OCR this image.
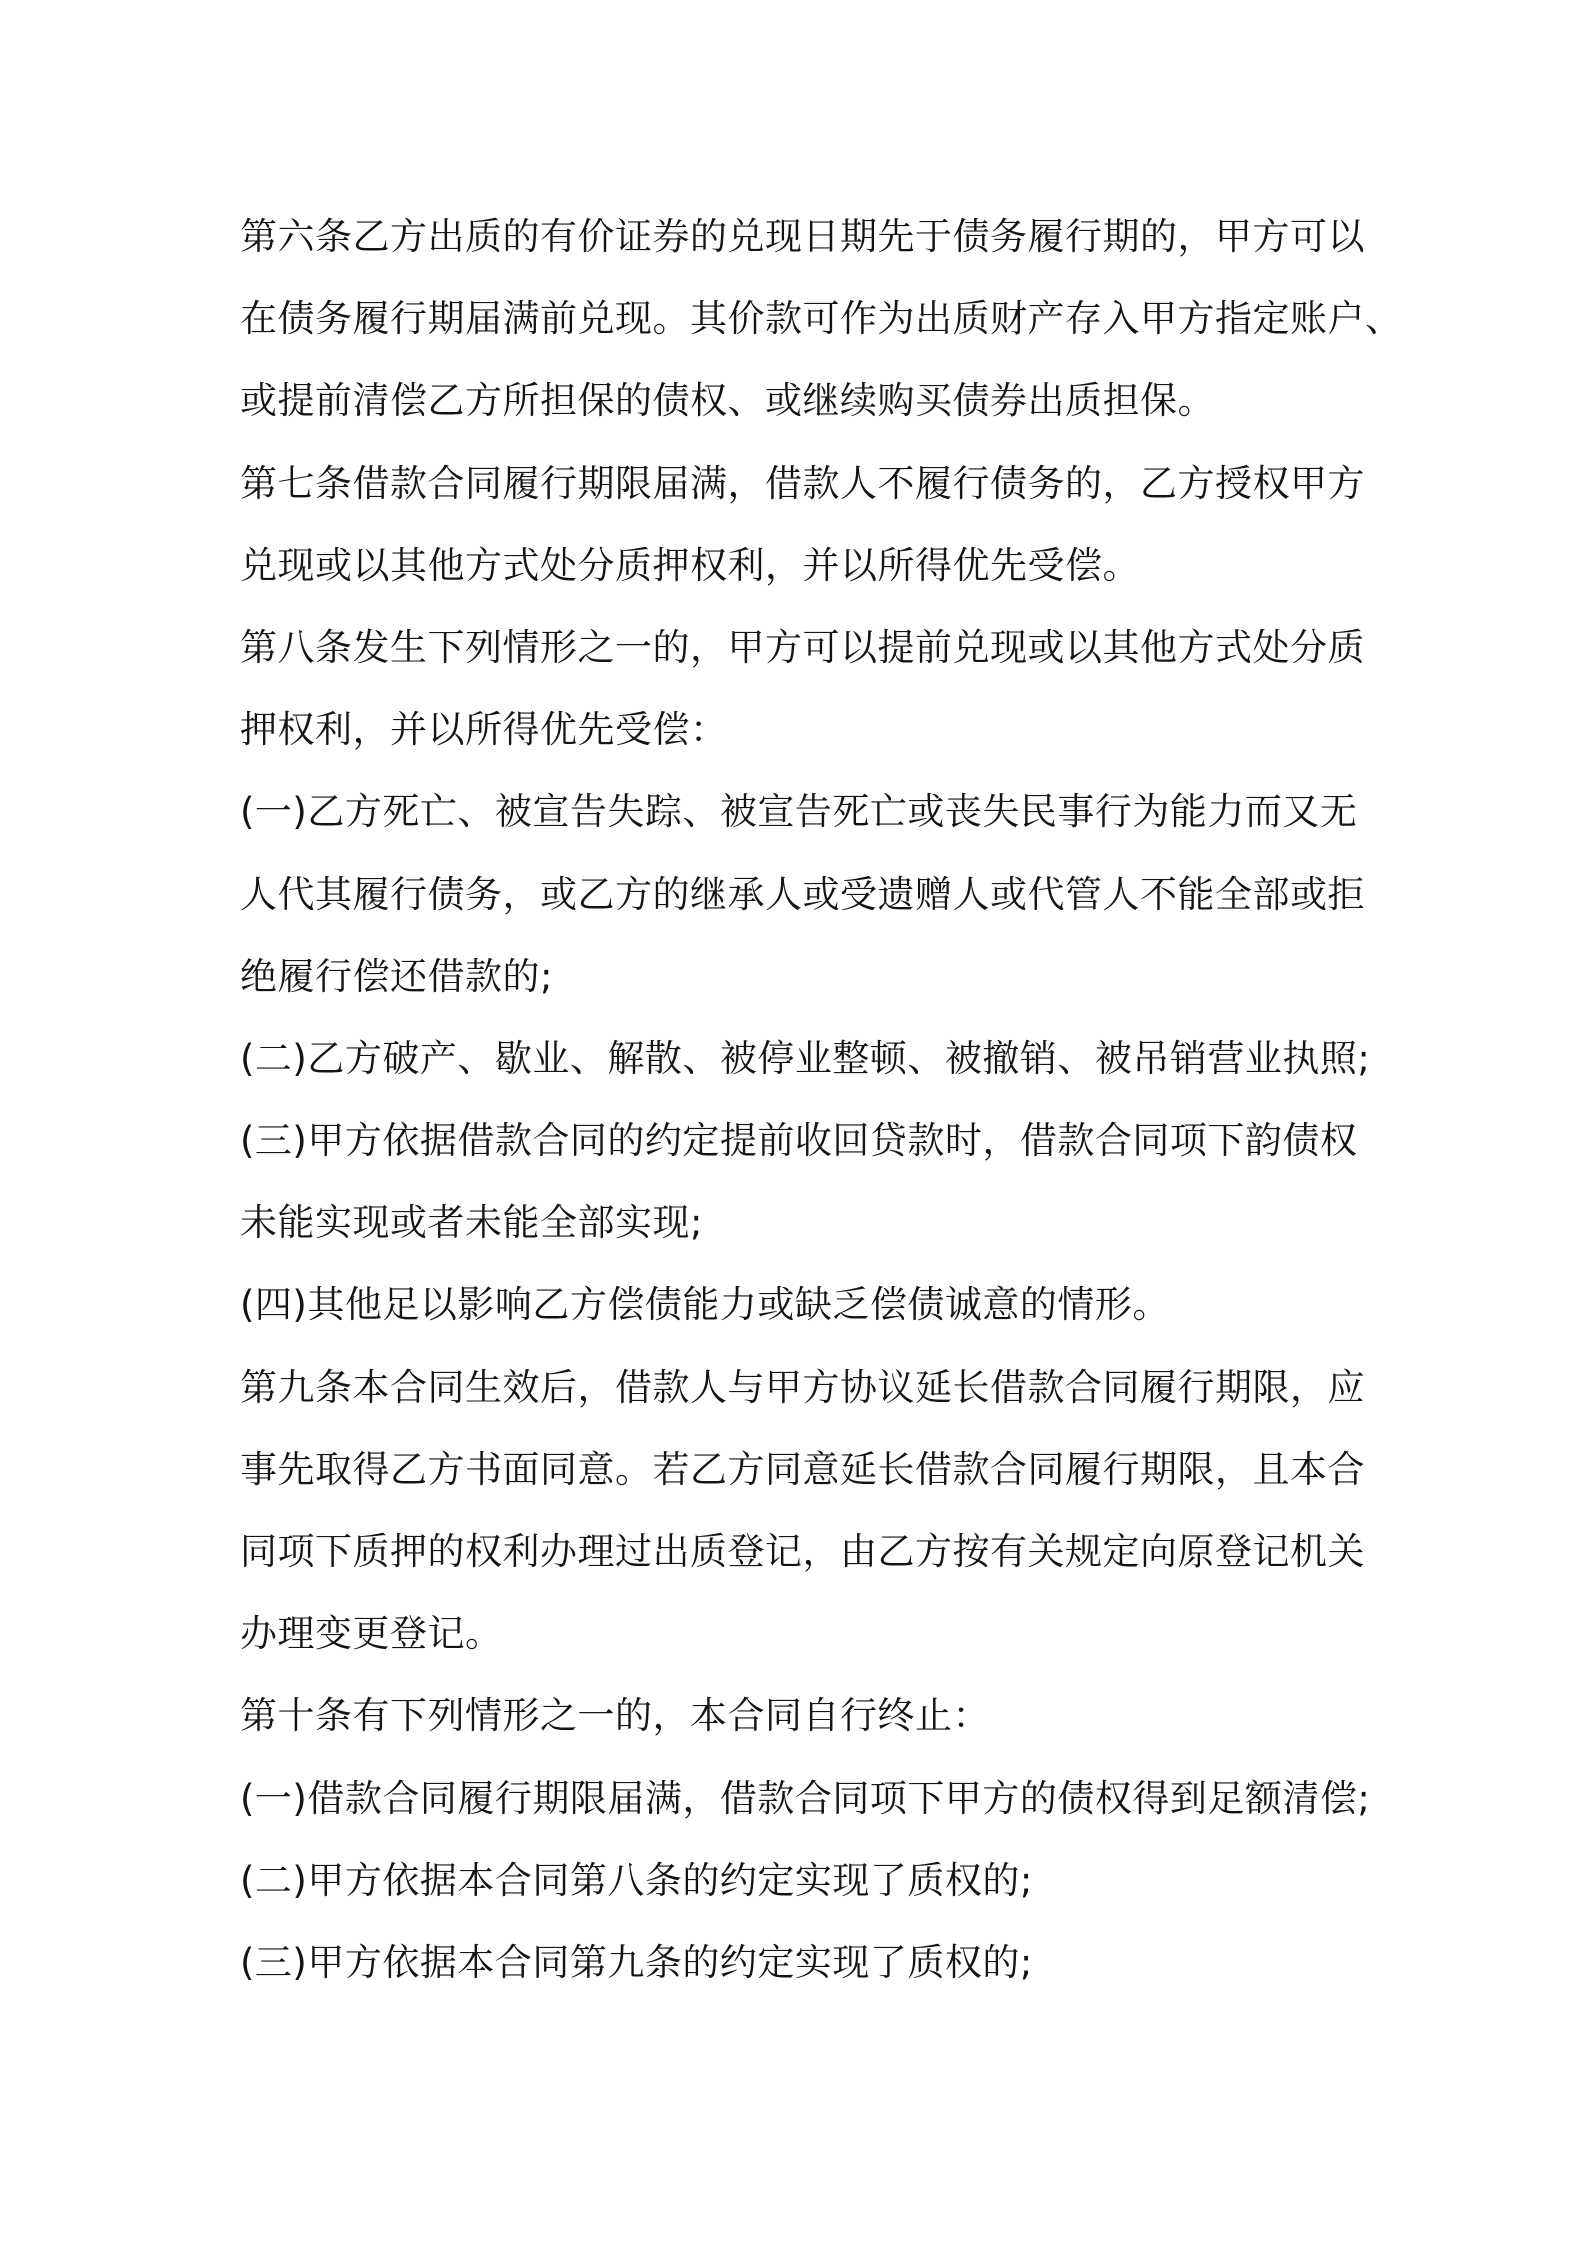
第六条乙方出质的有价证券的兑现日期先于债务履行期的，甲方可以
在债务履行期届满前兑现。其价款可作为出质财产存入甲方指定账户、
或提前清偿乙方所担保的债权、或继续购买债券出质担保。
第七条借款合同履行期限届满，借款人不履行债务的，乙方授权甲方
兑现或以其他方式处分质押权利，并以所得优先受偿。
第八条发生下列情形之一的，甲方可以提前兑现或以其他方式处分质
押权利，并以所得优先受偿：
(一)乙方死亡、被宣告失踪、被宣告死亡或丧失民事行为能力而又无
人代其履行债务，或乙方的继承人或受遗赠人或代管人不能全部或拒
绝履行偿还借款的;
(二)乙方破产、歇业、解散、被停业整顿、被撤销、被吊销营业执照;
(三)甲方依据借款合同的约定提前收回贷款时，借款合同项下韵债权
未能实现或者未能全部实现;
(四)其他足以影响乙方偿债能力或缺乏偿债诚意的情形。
第九条本合同生效后，借款人与甲方协议延长借款合同履行期限，应
事先取得乙方书面同意。若乙方同意延长借款合同履行期限，且本合
同项下质押的权利办理过出质登记，由乙方按有关规定向原登记机关
办理变更登记。
第十条有下列情形之一的，本合同自行终止：
(一)借款合同履行期限届满，借款合同项下甲方的债权得到足额清偿;
(二)甲方依据本合同第八条的约定实现了质权的;
(三)甲方依据本合同第九条的约定实现了质权的;
